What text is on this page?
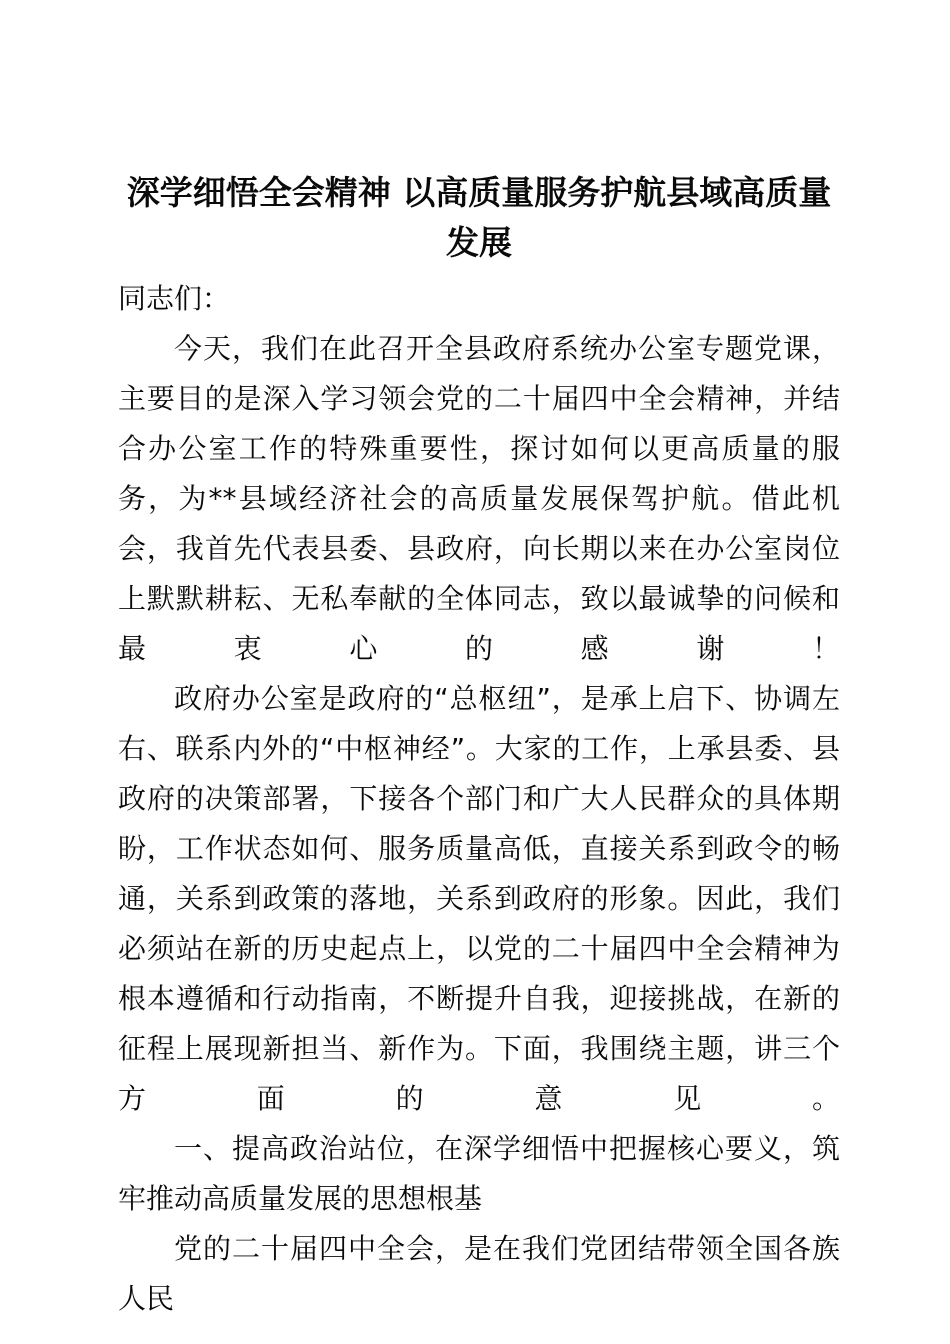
深学细悟全会精神 以高质量服务护航县域高质量发展

同志们：

今天，我们在此召开全县政府系统办公室专题党课，主要目的是深入学习领会党的二十届四中全会精神，并结合办公室工作的特殊重要性，探讨如何以更高质量的服务，为**县域经济社会的高质量发展保驾护航。借此机会，我首先代表县委、县政府，向长期以来在办公室岗位上默默耕耘、无私奉献的全体同志，致以最诚挚的问候和最衷心的感谢！

政府办公室是政府的“总枢纽”，是承上启下、协调左右、联系内外的“中枢神经”。大家的工作，上承县委、县政府的决策部署，下接各个部门和广大人民群众的具体期盼，工作状态如何、服务质量高低，直接关系到政令的畅通，关系到政策的落地，关系到政府的形象。因此，我们必须站在新的历史起点上，以党的二十届四中全会精神为根本遵循和行动指南，不断提升自我，迎接挑战，在新的征程上展现新担当、新作为。下面，我围绕主题，讲三个方面的意见。

一、提高政治站位，在深学细悟中把握核心要义，筑牢推动高质量发展的思想根基

党的二十届四中全会，是在我们党团结带领全国各族人民
